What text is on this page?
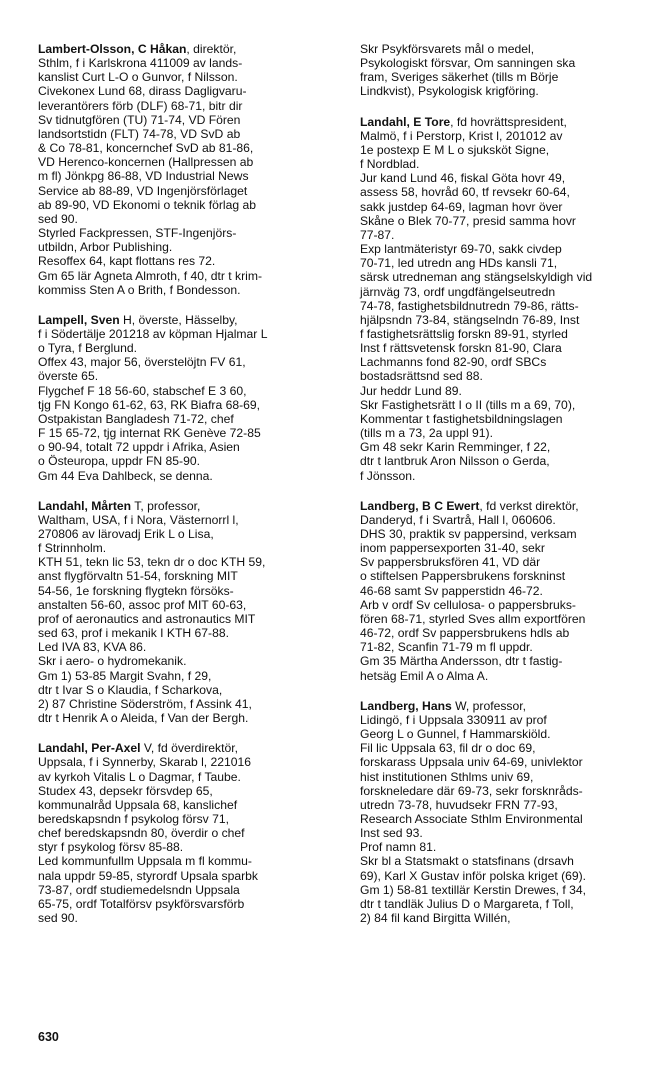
Lambert-Olsson, C Håkan, direktör,

Sthlm, f i Karlskrona 411009 av lands-

kanslist Curt L-O o Gunvor, f Nilsson.

Civekonex Lund 68, dirass Dagligvaru-

leverantörers förb (DLF) 68-71, bitr dir

Sv tidnutgfören (TU) 71-74, VD Fören

landsortstidn (FLT) 74-78, VD SvD ab

& Co 78-81, koncernchef SvD ab 81-86,

VD Herenco-koncernen (Hallpressen ab

m fl) Jönkpg 86-88, VD Industrial News

Service ab 88-89, VD Ingenjörsförlaget

ab 89-90, VD Ekonomi o teknik förlag ab

sed 90.

Styrled Fackpressen, STF-Ingenjörs-

utbildn, Arbor Publishing.

Resoffex 64, kapt flottans res 72.

Gm 65 lär Agneta Almroth, f 40, dtr t krim-

kommiss Sten A o Brith, f Bondesson.

Lampell, Sven H, överste, Hässelby,

f i Södertälje 201218 av köpman Hjalmar L

o Tyra, f Berglund.

Offex 43, major 56, överstelöjtn FV 61,

överste 65.

Flygchef F 18 56-60, stabschef E 3 60,

tjg FN Kongo 61-62, 63, RK Biafra 68-69,

Ostpakistan Bangladesh 71-72, chef

F 15 65-72, tjg internat RK Genève 72-85

o 90-94, totalt 72 uppdr i Afrika, Asien

o Östeuropa, uppdr FN 85-90.

Gm 44 Eva Dahlbeck, se denna.

Landahl, Mårten T, professor,

Waltham, USA, f i Nora, Västernorrl l,

270806 av lärovadj Erik L o Lisa,

f Strinnholm.

KTH 51, tekn lic 53, tekn dr o doc KTH 59,

anst flygförvaltn 51-54, forskning MIT

54-56, 1e forskning flygtekn försöks-

anstalten 56-60, assoc prof MIT 60-63,

prof of aeronautics and astronautics MIT

sed 63, prof i mekanik I KTH 67-88.

Led IVA 83, KVA 86.

Skr i aero- o hydromekanik.

Gm 1) 53-85 Margit Svahn, f 29,

dtr t Ivar S o Klaudia, f Scharkova,

2) 87 Christine Söderström, f Assink 41,

dtr t Henrik A o Aleida, f Van der Bergh.

Landahl, Per-Axel V, fd överdirektör,

Uppsala, f i Synnerby, Skarab l, 221016

av kyrkoh Vitalis L o Dagmar, f Taube.

Studex 43, depsekr försvdep 65,

kommunalråd Uppsala 68, kanslichef

beredskapsndn f psykolog försv 71,

chef beredskapsndn 80, överdir o chef

styr f psykolog försv 85-88.

Led kommunfullm Uppsala m fl kommu-

nala uppdr 59-85, styrordf Upsala sparbk

73-87, ordf studiemedelsndn Uppsala

65-75, ordf Totalförsv psykförsvarsförb

sed 90.

Skr Psykförsvarets mål o medel,

Psykologiskt försvar, Om sanningen ska

fram, Sveriges säkerhet (tills m Börje

Lindkvist), Psykologisk krigföring.

Landahl, E Tore, fd hovrättspresident,

Malmö, f i Perstorp, Krist l, 201012 av

1e postexp E M L o sjuksköt Signe,

f Nordblad.

Jur kand Lund 46, fiskal Göta hovr 49,

assess 58, hovråd 60, tf revsekr 60-64,

sakk justdep 64-69, lagman hovr över

Skåne o Blek 70-77, presid samma hovr

77-87.

Exp lantmäteristyr 69-70, sakk civdep

70-71, led utredn ang HDs kansli 71,

särsk utredneman ang stängselskyldigh vid

järnväg 73, ordf ungdfängelseutredn

74-78, fastighetsbildnutredn 79-86, rätts-

hjälpsndn 73-84, stängselndn 76-89, Inst

f fastighetsrättslig forskn 89-91, styrled

Inst f rättsvetensk forskn 81-90, Clara

Lachmanns fond 82-90, ordf SBCs

bostadsrättsnd sed 88.

Jur heddr Lund 89.

Skr Fastighetsrätt I o II (tills m a 69, 70),

Kommentar t fastighetsbildningslagen

(tills m a 73, 2a uppl 91).

Gm 48 sekr Karin Remminger, f 22,

dtr t lantbruk Aron Nilsson o Gerda,

f Jönsson.

Landberg, B C Ewert, fd verkst direktör,

Danderyd, f i Svartrå, Hall l, 060606.

DHS 30, praktik sv pappersind, verksam

inom pappersexporten 31-40, sekr

Sv pappersbruksfören 41, VD där

o stiftelsen Pappersbrukens forskninst

46-68 samt Sv papperstidn 46-72.

Arb v ordf Sv cellulosa- o pappersbruks-

fören 68-71, styrled Sves allm exportfören

46-72, ordf Sv pappersbrukens hdls ab

71-82, Scanfin 71-79 m fl uppdr.

Gm 35 Märtha Andersson, dtr t fastig-

hetsäg Emil A o Alma A.

Landberg, Hans W, professor,

Lidingö, f i Uppsala 330911 av prof

Georg L o Gunnel, f Hammarskiöld.

Fil lic Uppsala 63, fil dr o doc 69,

forskarass Uppsala univ 64-69, univlektor

hist institutionen Sthlms univ 69,

forskneledare där 69-73, sekr forsknråds-

utredn 73-78, huvudsekr FRN 77-93,

Research Associate Sthlm Environmental

Inst sed 93.

Prof namn 81.

Skr bl a Statsmakt o statsfinans (drsavh

69), Karl X Gustav inför polska kriget (69).

Gm 1) 58-81 textillär Kerstin Drewes, f 34,

dtr t tandläk Julius D o Margareta, f Toll,

2) 84 fil kand Birgitta Willén,

630
